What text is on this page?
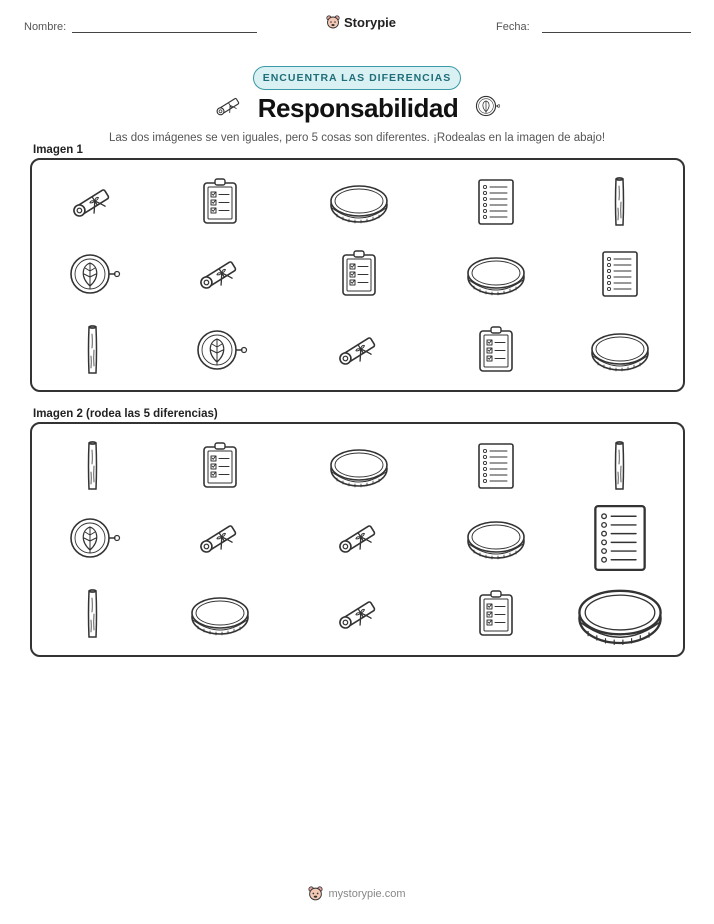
Nombre:	Storypie	Fecha:
ENCUENTRA LAS DIFERENCIAS
Responsabilidad
Las dos imágenes se ven iguales, pero 5 cosas son diferentes. ¡Rodealas en la imagen de abajo!
Imagen 1
Imagen 2 (rodea las 5 diferencias)
mystorypie.com
